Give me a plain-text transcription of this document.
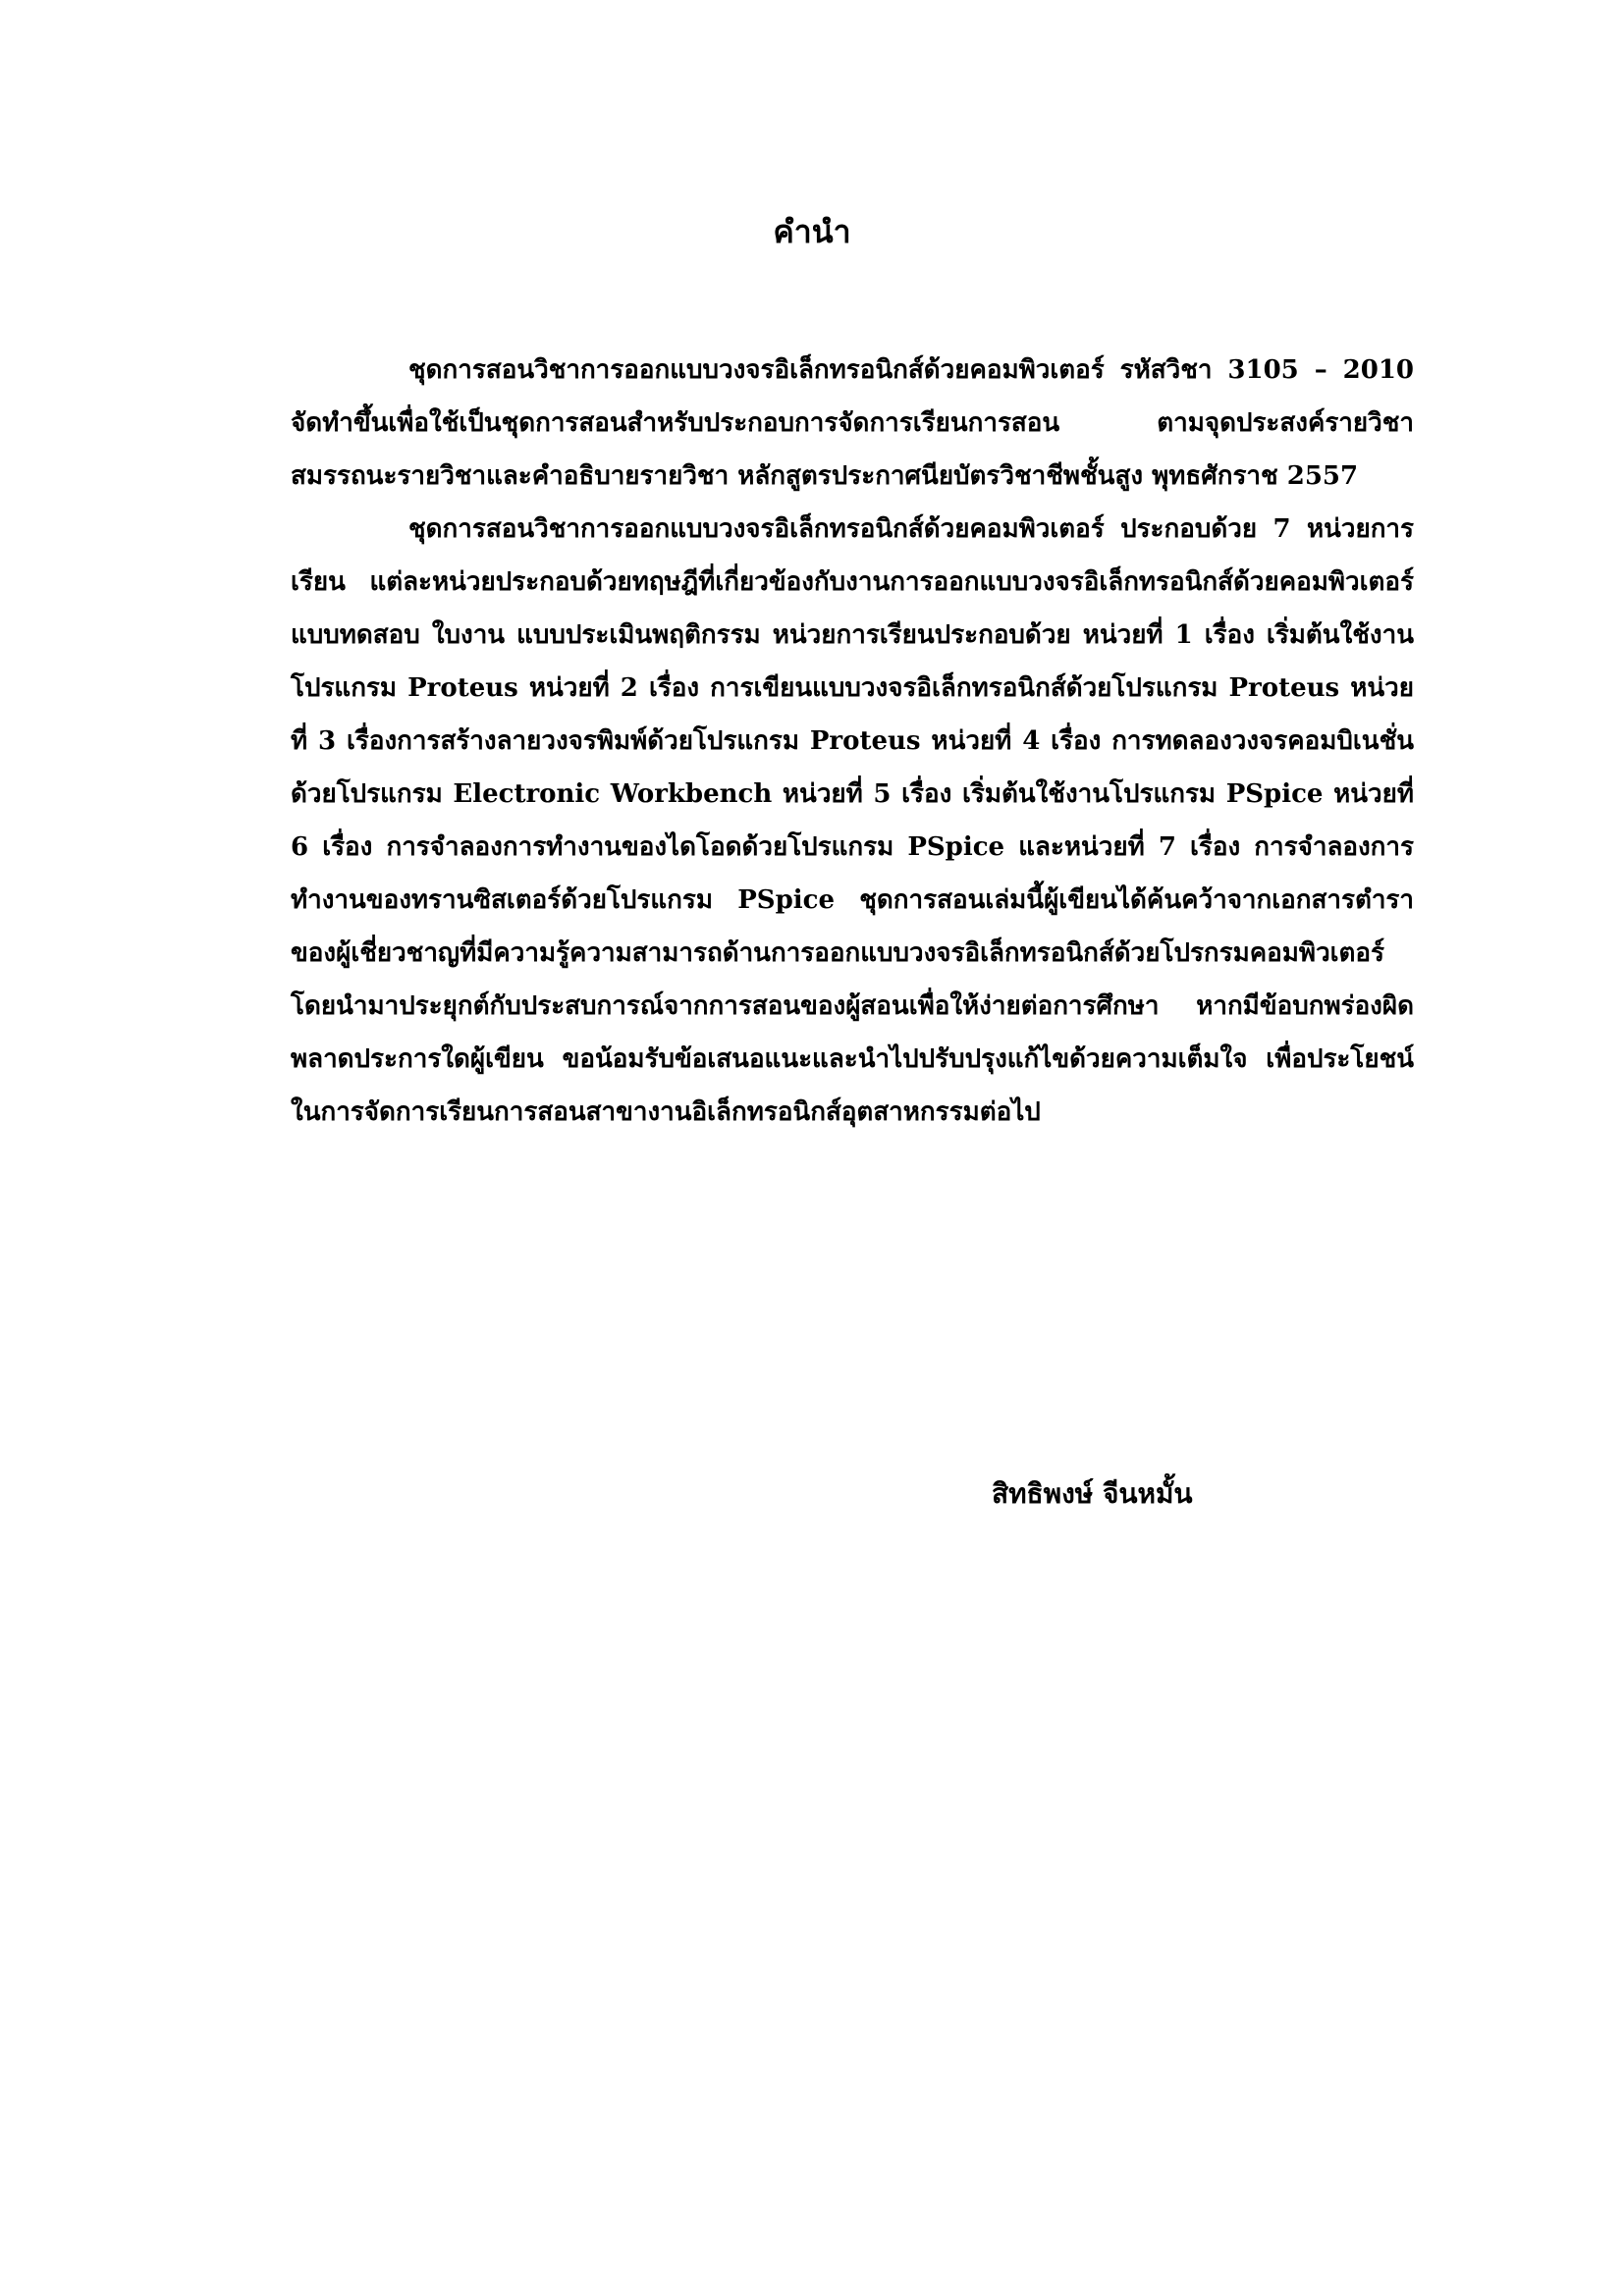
คำนำ

ชุดการสอนวิชาการออกแบบวงจรอิเล็กทรอนิกส์ด้วยคอมพิวเตอร์ รหัสวิชา 3105 – 2010 จัดทำขึ้นเพื่อใช้เป็นชุดการสอนสำหรับประกอบการจัดการเรียนการสอน ตามจุดประสงค์รายวิชา สมรรถนะรายวิชาและคำอธิบายรายวิชา หลักสูตรประกาศนียบัตรวิชาชีพชั้นสูง พุทธศักราช 2557

ชุดการสอนวิชาการออกแบบวงจรอิเล็กทรอนิกส์ด้วยคอมพิวเตอร์ ประกอบด้วย 7 หน่วยการเรียน แต่ละหน่วยประกอบด้วยทฤษฎีที่เกี่ยวข้องกับงานการออกแบบวงจรอิเล็กทรอนิกส์ด้วยคอมพิวเตอร์ แบบทดสอบ ใบงาน แบบประเมินพฤติกรรม หน่วยการเรียนประกอบด้วย หน่วยที่ 1 เรื่อง เริ่มต้นใช้งานโปรแกรม Proteus หน่วยที่ 2 เรื่อง การเขียนแบบวงจรอิเล็กทรอนิกส์ด้วยโปรแกรม Proteus หน่วยที่ 3 เรื่องการสร้างลายวงจรพิมพ์ด้วยโปรแกรม Proteus หน่วยที่ 4 เรื่อง การทดลองวงจรคอมบิเนชั่นด้วยโปรแกรม Electronic Workbench หน่วยที่ 5 เรื่อง เริ่มต้นใช้งานโปรแกรม PSpice หน่วยที่ 6 เรื่อง การจำลองการทำงานของไดโอดด้วยโปรแกรม PSpice และหน่วยที่ 7 เรื่อง การจำลองการทำงานของทรานซิสเตอร์ด้วยโปรแกรม PSpice ชุดการสอนเล่มนี้ผู้เขียนได้ค้นคว้าจากเอกสารตำราของผู้เชี่ยวชาญที่มีความรู้ความสามารถด้านการออกแบบวงจรอิเล็กทรอนิกส์ด้วยโปรกรมคอมพิวเตอร์ โดยนำมาประยุกต์กับประสบการณ์จากการสอนของผู้สอนเพื่อให้ง่ายต่อการศึกษา หากมีข้อบกพร่องผิดพลาดประการใดผู้เขียน ขอน้อมรับข้อเสนอแนะและนำไปปรับปรุงแก้ไขด้วยความเต็มใจ เพื่อประโยชน์ในการจัดการเรียนการสอนสาขางานอิเล็กทรอนิกส์อุตสาหกรรมต่อไป

สิทธิพงษ์ จีนหมั้น
